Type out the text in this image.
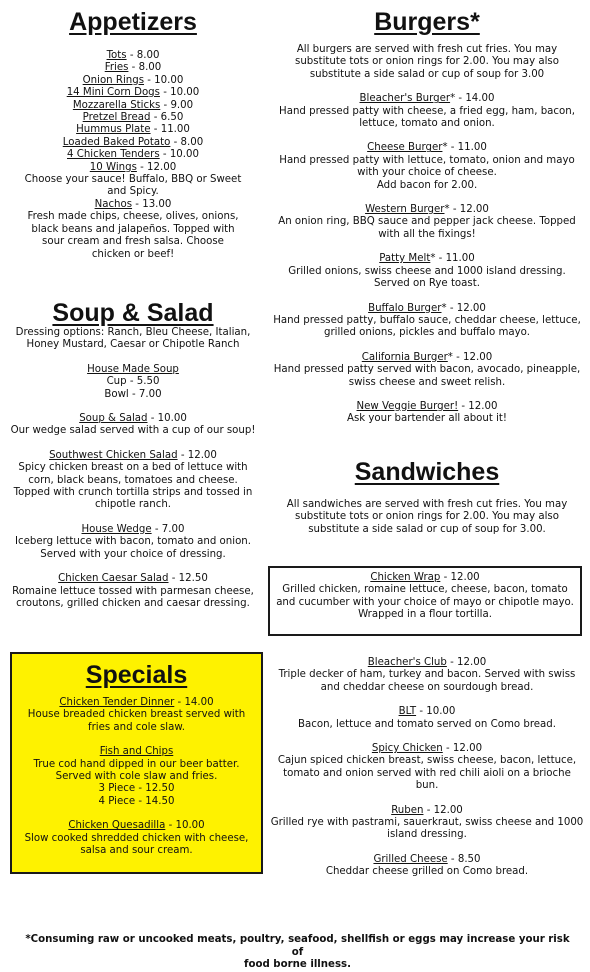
Appetizers
Tots - 8.00
Fries - 8.00
Onion Rings - 10.00
14 Mini Corn Dogs - 10.00
Mozzarella Sticks - 9.00
Pretzel Bread - 6.50
Hummus Plate - 11.00
Loaded Baked Potato - 8.00
4 Chicken Tenders - 10.00
10 Wings - 12.00
Choose your sauce! Buffalo, BBQ or Sweet
and Spicy.
Nachos - 13.00
Fresh made chips, cheese, olives, onions,
black beans and jalapeños. Topped with
sour cream and fresh salsa. Choose
chicken or beef!
Soup & Salad
Dressing options: Ranch, Bleu Cheese, Italian,
Honey Mustard, Caesar or Chipotle Ranch
House Made Soup
Cup - 5.50
Bowl - 7.00
Soup & Salad - 10.00
Our wedge salad served with a cup of our soup!
Southwest Chicken Salad - 12.00
Spicy chicken breast on a bed of lettuce with
corn, black beans, tomatoes and cheese.
Topped with crunch tortilla strips and tossed in
chipotle ranch.
House Wedge - 7.00
Iceberg lettuce with bacon, tomato and onion.
Served with your choice of dressing.
Chicken Caesar Salad - 12.50
Romaine lettuce tossed with parmesan cheese,
croutons, grilled chicken and caesar dressing.
Specials
Chicken Tender Dinner - 14.00
House breaded chicken breast served with
fries and cole slaw.
Fish and Chips
True cod hand dipped in our beer batter.
Served with cole slaw and fries.
3 Piece - 12.50
4 Piece - 14.50
Chicken Quesadilla - 10.00
Slow cooked shredded chicken with cheese,
salsa and sour cream.
Burgers*
All burgers are served with fresh cut fries. You may
substitute tots or onion rings for 2.00. You may also
substitute a side salad or cup of soup for 3.00
Bleacher's Burger* - 14.00
Hand pressed patty with cheese, a fried egg, ham, bacon,
lettuce, tomato and onion.
Cheese Burger* - 11.00
Hand pressed patty with lettuce, tomato, onion and mayo
with your choice of cheese.
Add bacon for 2.00.
Western Burger* - 12.00
An onion ring, BBQ sauce and pepper jack cheese. Topped
with all the fixings!
Patty Melt* - 11.00
Grilled onions, swiss cheese and 1000 island dressing.
Served on Rye toast.
Buffalo Burger* - 12.00
Hand pressed patty, buffalo sauce, cheddar cheese, lettuce,
grilled onions, pickles and buffalo mayo.
California Burger* - 12.00
Hand pressed patty served with bacon, avocado, pineapple,
swiss cheese and sweet relish.
New Veggie Burger! - 12.00
Ask your bartender all about it!
Sandwiches
All sandwiches are served with fresh cut fries. You may
substitute tots or onion rings for 2.00. You may also
substitute a side salad or cup of soup for 3.00.
Chicken Wrap - 12.00
Grilled chicken, romaine lettuce, cheese, bacon, tomato
and cucumber with your choice of mayo or chipotle mayo.
Wrapped in a flour tortilla.
Bleacher's Club - 12.00
Triple decker of ham, turkey and bacon. Served with swiss
and cheddar cheese on sourdough bread.
BLT - 10.00
Bacon, lettuce and tomato served on Como bread.
Spicy Chicken - 12.00
Cajun spiced chicken breast, swiss cheese, bacon, lettuce,
tomato and onion served with red chili aioli on a brioche
bun.
Ruben - 12.00
Grilled rye with pastrami, sauerkraut, swiss cheese and 1000
island dressing.
Grilled Cheese - 8.50
Cheddar cheese grilled on Como bread.
*Consuming raw or uncooked meats, poultry, seafood, shellfish or eggs may increase your risk of
food borne illness.
